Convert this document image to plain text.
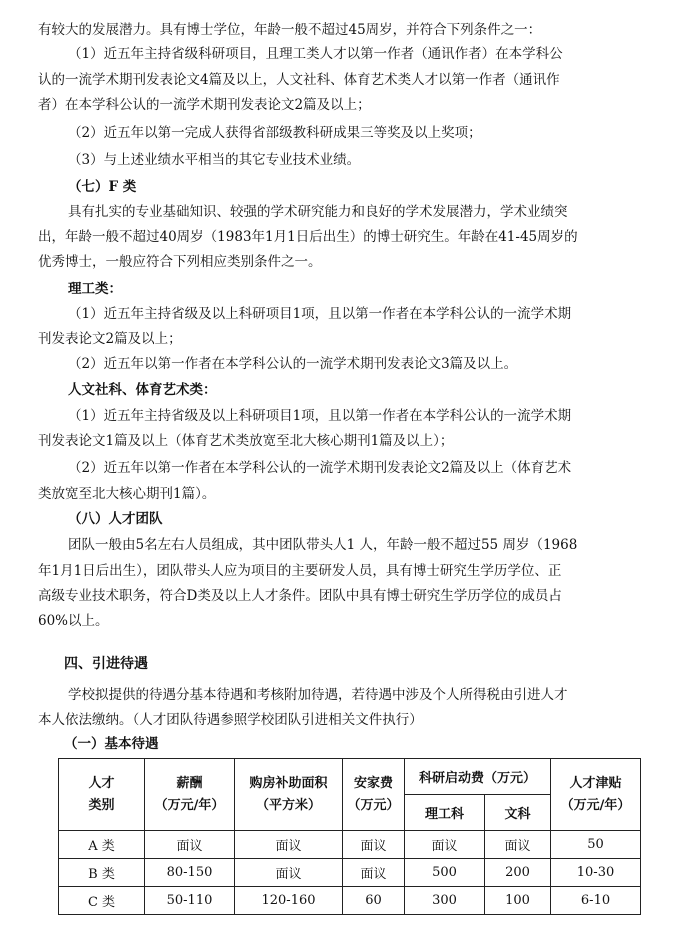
有较大的发展潜力。具有博士学位，年龄一般不超过45周岁，并符合下列条件之一：
（1）近五年主持省级科研项目，且理工类人才以第一作者（通讯作者）在本学科公
认的一流学术期刊发表论文4篇及以上，人文社科、体育艺术类人才以第一作者（通讯作
者）在本学科公认的一流学术期刊发表论文2篇及以上；
（2）近五年以第一完成人获得省部级教科研成果三等奖及以上奖项；
（3）与上述业绩水平相当的其它专业技术业绩。
（七）F 类
具有扎实的专业基础知识、较强的学术研究能力和良好的学术发展潜力，学术业绩突
出，年龄一般不超过40周岁（1983年1月1日后出生）的博士研究生。年龄在41-45周岁的
优秀博士，一般应符合下列相应类别条件之一。
理工类：
（1）近五年主持省级及以上科研项目1项，且以第一作者在本学科公认的一流学术期
刊发表论文2篇及以上；
（2）近五年以第一作者在本学科公认的一流学术期刊发表论文3篇及以上。
人文社科、体育艺术类：
（1）近五年主持省级及以上科研项目1项，且以第一作者在本学科公认的一流学术期
刊发表论文1篇及以上（体育艺术类放宽至北大核心期刊1篇及以上）；
（2）近五年以第一作者在本学科公认的一流学术期刊发表论文2篇及以上（体育艺术
类放宽至北大核心期刊1篇）。
（八）人才团队
团队一般由5名左右人员组成，其中团队带头人1 人，年龄一般不超过55 周岁（1968
年1月1日后出生），团队带头人应为项目的主要研发人员，具有博士研究生学历学位、正
高级专业技术职务，符合D类及以上人才条件。团队中具有博士研究生学历学位的成员占
60%以上。
四、引进待遇
学校拟提供的待遇分基本待遇和考核附加待遇，若待遇中涉及个人所得税由引进人才
本人依法缴纳。（人才团队待遇参照学校团队引进相关文件执行）
（一）基本待遇
人才
类别	薪酬
（万元/年）	购房补助面积
（平方米）	安家费
（万元）	科研启动费（万元）		人才津贴
（万元/年）

				理工科	文科	
A 类	面议	面议	面议	面议	面议	50
B 类	80-150	面议	面议	500	200	10-30
C 类	50-110	120-160	60	300	100	6-10
